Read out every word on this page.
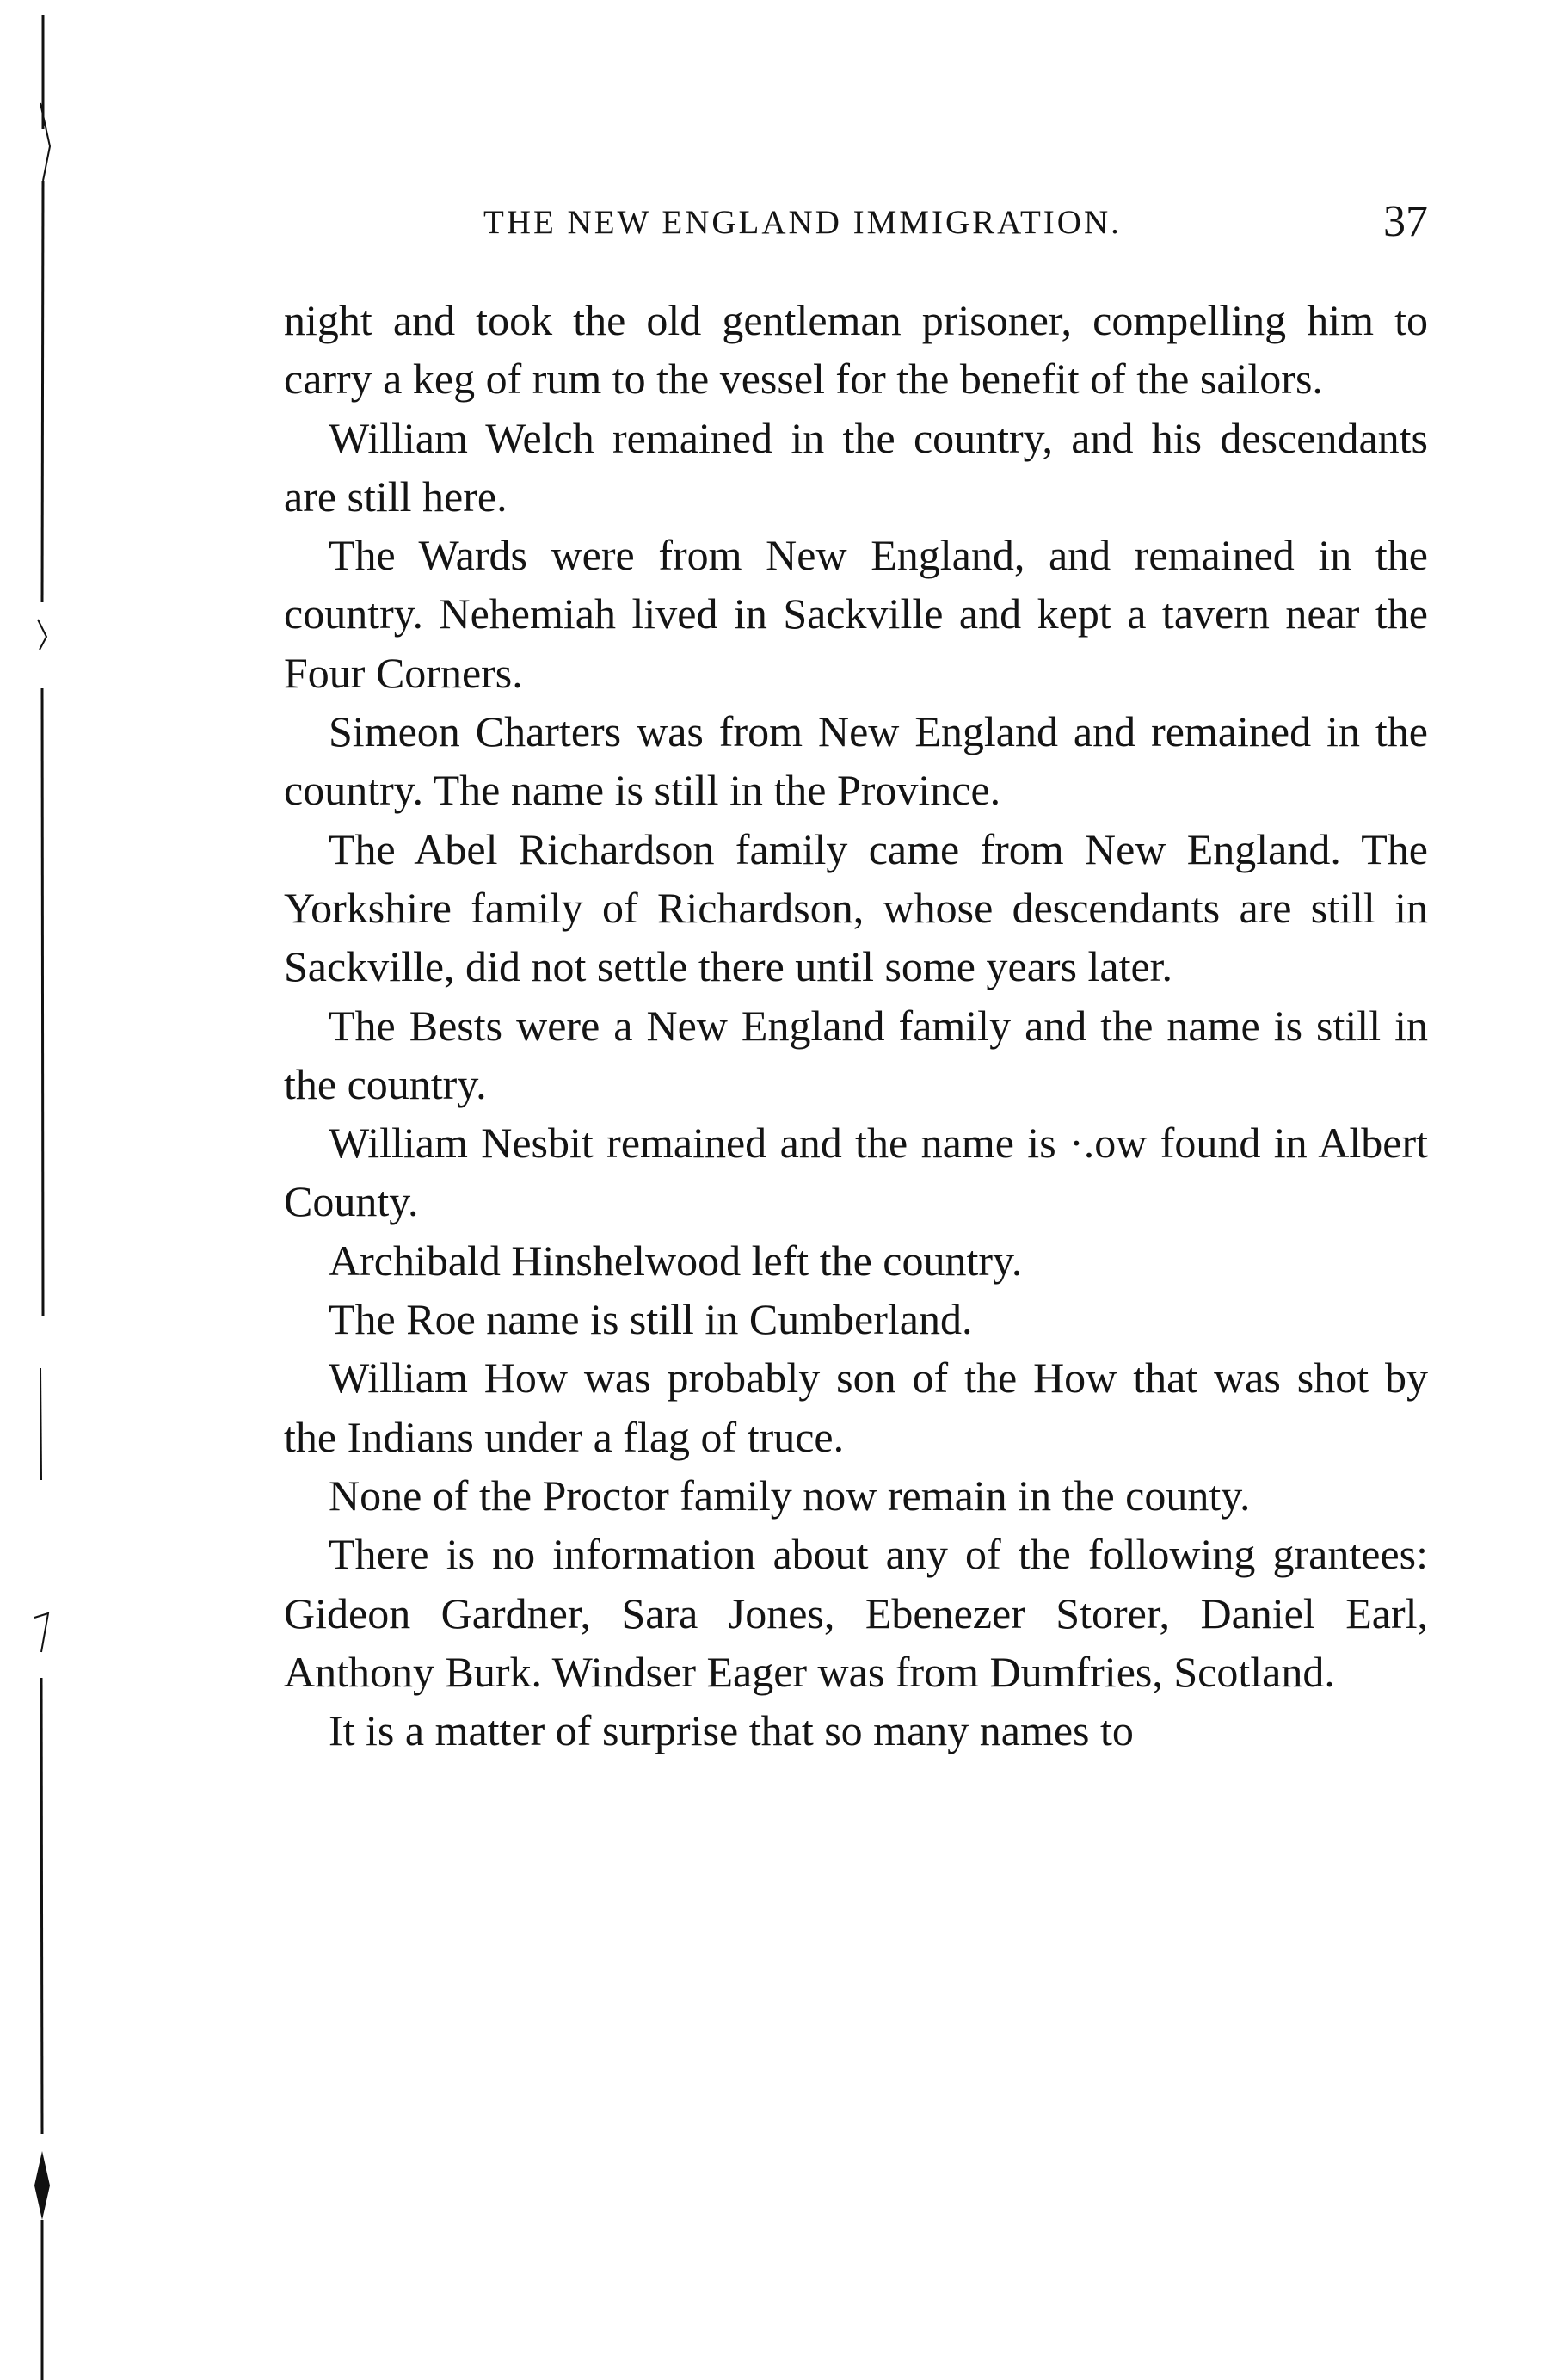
THE NEW ENGLAND IMMIGRATION.	37

night and took the old gentleman prisoner, compelling him to carry a keg of rum to the vessel for the benefit of the sailors.

William Welch remained in the country, and his descendants are still here.

The Wards were from New England, and remained in the country. Nehemiah lived in Sackville and kept a tavern near the Four Corners.

Simeon Charters was from New England and remained in the country. The name is still in the Province.

The Abel Richardson family came from New England. The Yorkshire family of Richardson, whose descendants are still in Sackville, did not settle there until some years later.

The Bests were a New England family and the name is still in the country.

William Nesbit remained and the name is ·.ow found in Albert County.

Archibald Hinshelwood left the country.

The Roe name is still in Cumberland.

William How was probably son of the How that was shot by the Indians under a flag of truce.

None of the Proctor family now remain in the county.

There is no information about any of the following grantees: Gideon Gardner, Sara Jones, Ebenezer Storer, Daniel Earl, Anthony Burk. Windser Eager was from Dumfries, Scotland.

It is a matter of surprise that so many names to
